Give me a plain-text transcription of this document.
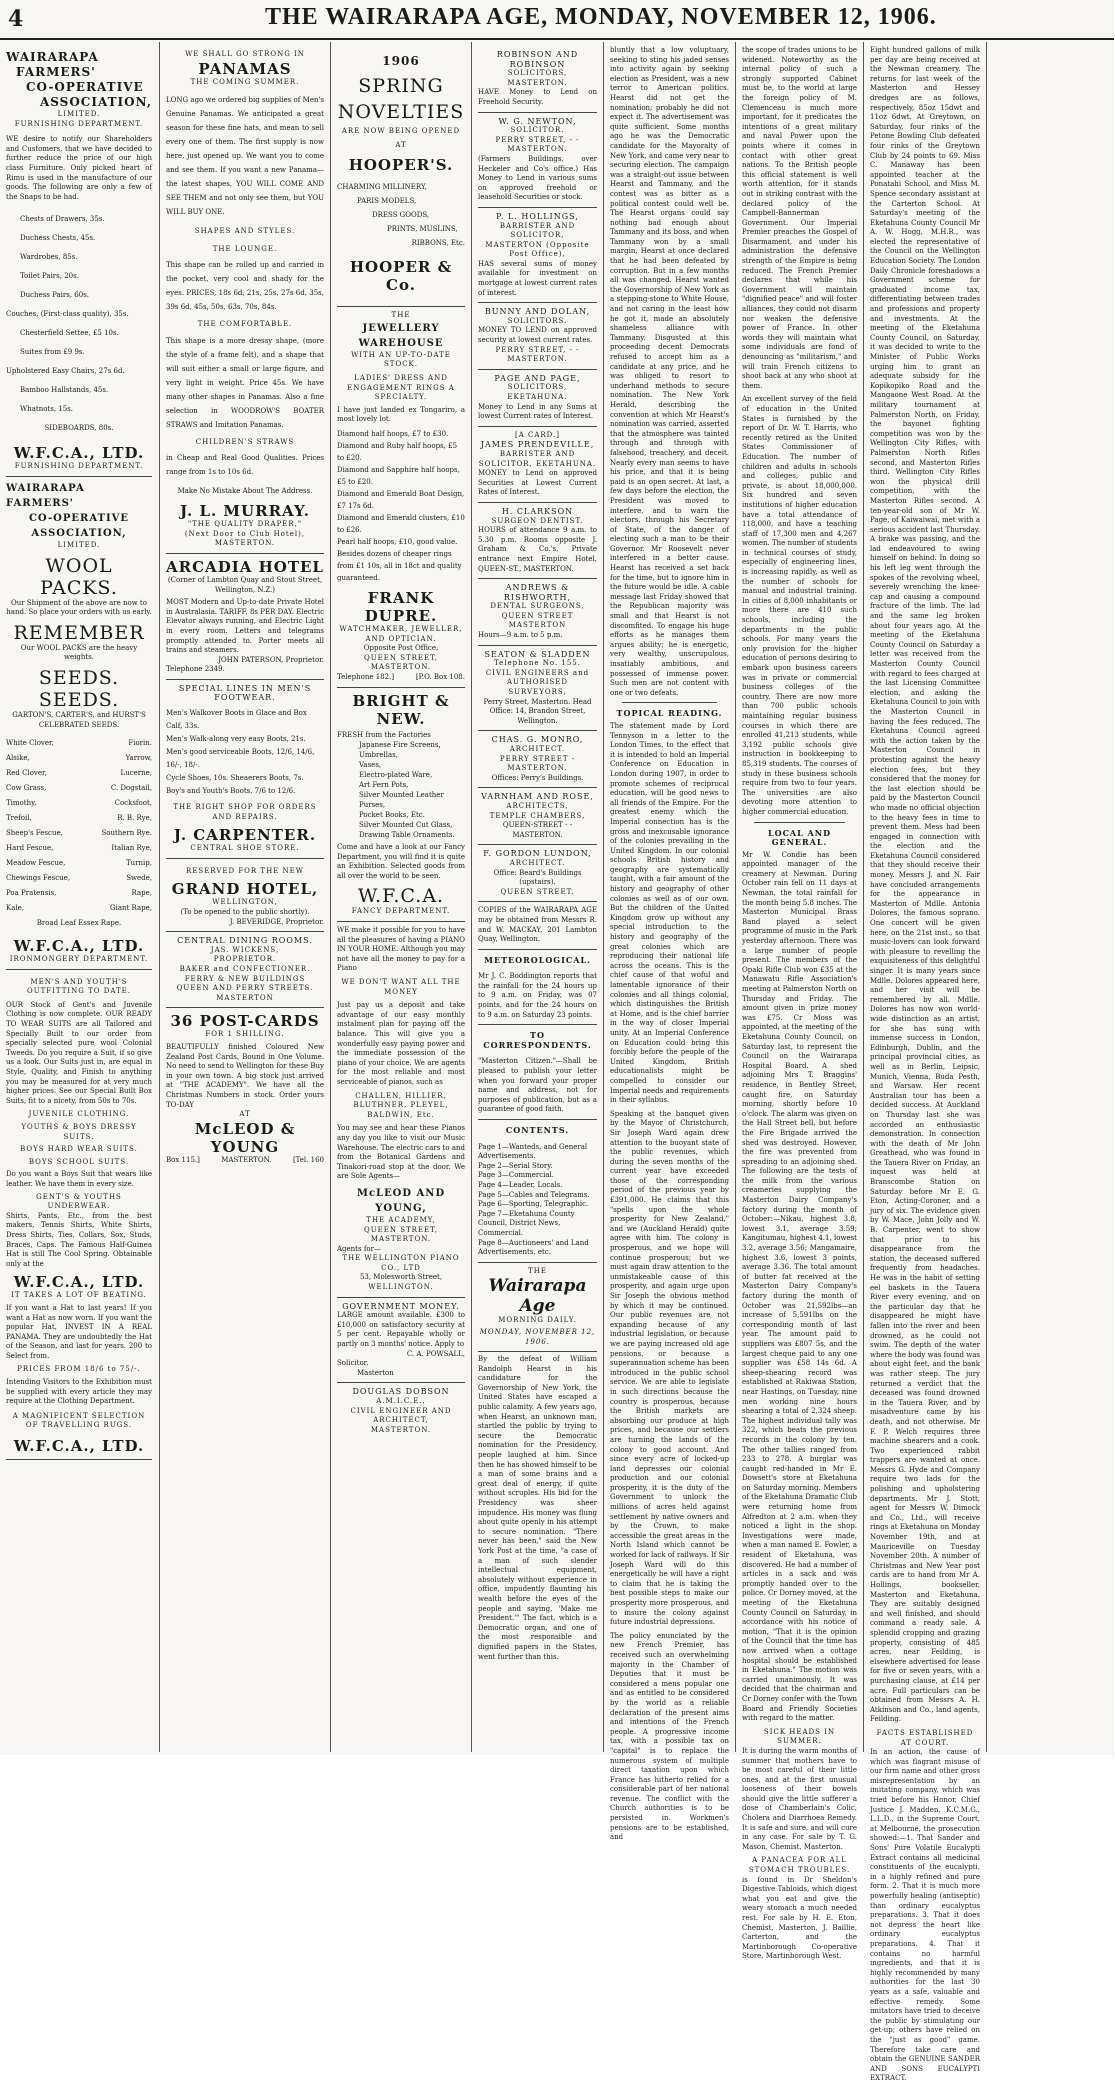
4	THE WAIRARAPA AGE, MONDAY, NOVEMBER 12, 1906.
WAIRARAPA
FARMERS'
CO-OPERATIVE
ASSOCIATION,
LIMITED.
FURNISHING DEPARTMENT.
WE desire to notify our Shareholders and Customers, that we have decided to further reduce the price of our high class Furniture. Only picked heart of Rimu is used in the manufacture of our goods. The following are only a few of the Snaps to be had.
Chests of Drawers, 35s.
Duchess Chests, 45s.
Wardrobes, 85s.
Toilet Pairs, 20s.
Duchess Pairs, 60s.
Couches, (First-class quality), 35s.
Chesterfield Settee, £5 10s.
Suites from £9 9s.
Upholstered Easy Chairs, 27s 6d.
Bamboo Hallstands, 45s.
Whatnots, 15s.
SIDEBOARDS, 80s.
W.F.C.A., LTD.
FURNISHING DEPARTMENT.
WAIRARAPA FARMERS'
CO-OPERATIVE ASSOCIATION,
LIMITED.
WOOL PACKS.
Our Shipment of the above are now to hand. So place your orders with us early.
REMEMBER
Our WOOL PACKS are the heavy weights.
SEEDS. SEEDS.
GARTON'S, CARTER'S, and HURST'S CELEBRATED SEEDS.
White Clover,	Fiorin.
Alsike,	Yarrow,
Red Clover,	Lucerne,
Cow Grass,	C. Dogstail,
Timothy,	Cocksfoot,
Trefoil,	R. B. Rye,
Sheep's Fescue,	Southern Rye.
Hard Fescue,	Italian Rye,
Meadow Fescue,	Turnip,
Chewings Fescue,	Swede,
Poa Pratensis,	Rape,
Kale,	Giant Rape,
Broad Leaf Essex Rape.
W.F.C.A., LTD.
IRONMONGERY DEPARTMENT.
MEN'S AND YOUTH'S OUTFITTING TO DATE.
OUR Stock of Gent's and Juvenile Clothing is now complete. OUR READY TO WEAR SUITS are all Tailored and Specially Built to our order from specially selected pure wool Colonial Tweeds. Do you require a Suit, if so give us a look. Our Suits just in, are equal in Style, Quality, and Finish to anything you may be measured for at very much higher prices. See our Special Built Box Suits, fit to a nicety, from 50s to 70s.
JUVENILE CLOTHING.
YOUTHS & BOYS DRESSY SUITS.
BOYS HARD WEAR SUITS.
BOYS SCHOOL SUITS.
Do you want a Boys Suit that wears like leather. We have them in every size.
GENT'S & YOUTHS UNDERWEAR.
Shirts, Pants, Etc., from the best makers, Tennis Shirts, White Shirts, Dress Shirts, Ties, Collars, Sox, Studs, Braces, Caps. The Famous Half-Guinea Hat is still The Cool Spring. Obtainable only at the
W.F.C.A., LTD.
IT TAKES A LOT OF BEATING.
If you want a Hat to last years! If you want a Hat as now worn. If you want the popular Hat, INVEST IN A REAL PANAMA. They are undoubtedly the Hat of the Season, and last for years. 200 to Select from.
PRICES FROM 18/6 to 75/-.
Intending Visitors to the Exhibition must be supplied with every article they may require at the Clothing Department.
A MAGNIFICENT SELECTION OF TRAVELLING RUGS.
W.F.C.A., LTD.
WE SHALL GO STRONG IN
PANAMAS
THE COMING SUMMER.
LONG ago we ordered big supplies of Men's Genuine Panamas. We anticipated a great season for these fine hats, and mean to sell every one of them. The first supply is now here, just opened up. We want you to come and see them. If you want a new Panama—the latest shapes, YOU WILL COME AND SEE THEM and not only see them, but YOU WILL BUY ONE.
SHAPES AND STYLES.
THE LOUNGE.
This shape can be rolled up and carried in the pocket, very cool and shady for the eyes. PRICES, 18s 6d, 21s, 25s, 27s 6d, 35s, 39s 6d, 45s, 50s, 63s, 70s, 84s.
THE COMFORTABLE.
This shape is a more dressy shape, (more the style of a frame felt), and a shape that will suit either a small or large figure, and very light in weight. Price 45s. We have many other shapes in Panamas. Also a fine selection in WOODROW'S BOATER STRAWS and Imitation Panamas.
CHILDREN'S STRAWS
in Cheap and Real Good Qualities. Prices range from 1s to 10s 6d.
Make No Mistake About The Address.
J. L. MURRAY.
"THE QUALITY DRAPER,"
(Next Door to Club Hotel),
MASTERTON.
ARCADIA HOTEL
(Corner of Lambton Quay and Stout Street, Wellington, N.Z.)
MOST Modern and Up-to-date Private Hotel in Australasia. TARIFF, 8s PER DAY. Electric Elevator always running, and Electric Light in every room. Letters and telegrams promptly attended to. Porter meets all trains and steamers.
JOHN PATERSON, Proprietor.
Telephone 2349.
SPECIAL LINES IN MEN'S FOOTWEAR.
Men's Walkover Boots in Glace and Box Calf, 33s.
Men's Walk-along very easy Boots, 21s.
Men's good serviceable Boots, 12/6, 14/6, 16/-, 18/-.
Cycle Shoes, 10s. Sheaerers Boots, 7s.
Boy's and Youth's Boots, 7/6 to 12/6.
THE RIGHT SHOP FOR ORDERS AND REPAIRS.
J. CARPENTER.
CENTRAL SHOE STORE.
RESERVED FOR THE NEW
GRAND HOTEL,
WELLINGTON,
(To be opened to the public shortly).
J. BEVERIDGE, Proprietor.
CENTRAL DINING ROOMS.
JAS. WICKENS,
PROPRIETOR.
BAKER and CONFECTIONER.
FERRY & NEW BUILDINGS
QUEEN AND PERRY STREETS.
MASTERTON
36 POST-CARDS
FOR 1 SHILLING.
BEAUTIFULLY finished Coloured New Zealand Post Cards, Bound in One Volume. No need to send to Wellington for these Buy in your own town. A big stock just arrived at "THE ACADEMY". We have all the Christmas Numbers in stock. Order yours TO-DAY
AT
McLEOD & YOUNG
Box 115.]	MASTERTON.	[Tel. 160
1906
SPRING
NOVELTIES
ARE NOW BEING OPENED
AT
HOOPER'S.
CHARMING MILLINERY,
PARIS MODELS,
DRESS GOODS,
PRINTS, MUSLINS,
RIBBONS, Etc.
HOOPER & Co.
THE
JEWELLERY WAREHOUSE
WITH AN UP-TO-DATE STOCK.
LADIES' DRESS AND ENGAGEMENT RINGS A SPECIALTY.
I have just landed ex Tongariro, a most lovely lot.
Diamond half hoops, £7 to £30.
Diamond and Ruby half hoops, £5 to £20.
Diamond and Sapphire half hoops, £5 to £20.
Diamond and Emerald Boat Design, £7 17s 6d.
Diamond and Emerald clusters, £10 to £26.
Pearl half hoops, £10, good value.
Besides dozens of cheaper rings from £1 10s, all in 18ct and quality guaranteed.
FRANK DUPRE.
WATCHMAKER, JEWELLER, AND OPTICIAN.
Opposite Post Office,
QUEEN STREET, MASTERTON.
Telephone 182.]	[P.O. Box 108.
BRIGHT & NEW.
FRESH from the Factories
Japanese Fire Screens,
Umbrellas,
Vases,
Electro-plated Ware,
Art Fern Pots,
Silver Mounted Leather Purses,
Pocket Books, Etc.
Silver Mounted Cut Glass,
Drawing Table Ornaments.
Come and have a look at our Fancy Department, you will find it is quite an Exhibition. Selected goods from all over the world to be seen.
W.F.C.A.
FANCY DEPARTMENT.
WE make it possible for you to have all the pleasures of having a PIANO IN YOUR HOME. Although you may not have all the money to pay for a Piano
WE DON'T WANT ALL THE MONEY
Just pay us a deposit and take advantage of our easy monthly instalment plan for paying off the balance. This will give you a wonderfully easy paying power and the immediate possession of the piano of your choice. We are agents for the most reliable and most serviceable of pianos, such as
CHALLEN, HILLIER, BLUTHNER, PLEYEL, BALDWIN, Etc.
You may see and hear these Pianos any day you like to visit our Music Warehouse. The electric cars to and from the Botanical Gardens and Tinakori-road stop at the door. We are Sole Agents—
McLEOD AND YOUNG,
THE ACADEMY,
QUEEN STREET, MASTERTON.
Agents for—
THE WELLINGTON PIANO CO., LTD
53, Molesworth Street,
WELLINGTON.
GOVERNMENT MONEY.
LARGE amount available. £300 to £10,000 on satisfactory security at 5 per cent. Repayable wholly or partly on 3 months' notice. Apply to
C. A. POWSALL,
Solicitor,
Masterton
DOUGLAS DOBSON
A.M.I.C.E.,
CIVIL ENGINEER AND ARCHITECT,
MASTERTON.
ROBINSON AND ROBINSON
SOLICITORS,
MASTERTON.
HAVE Money to Lend on Freehold Security.
W. G. NEWTON,
SOLICITOR.
PERRY STREET, - - MASTERTON.
(Farmers Buildings, over Heckeler and Co's office.) Has Money to Lend in various sums on approved freehold or leasehold Securities or stock.
P. L. HOLLINGS,
BARRISTER AND SOLICITOR,
MASTERTON (Opposite Post Office),
HAS several sums of money available for investment on mortgage at lowest current rates of interest.
BUNNY AND DOLAN,
SOLICITORS.
MONEY TO LEND on approved security at lowest current rates.
PERRY STREET, - - MASTERTON.
PAGE AND PAGE,
SOLICITORS, EKETAHUNA.
Money to Lend in any Sums at lowest Current rates of Interest.
[A CARD.]
JAMES PRENDEVILLE,
BARRISTER AND SOLICITOR, EKETAHUNA.
MONEY to Lend on approved Securities at Lowest Current Rates of Interest.
H. CLARKSON
SURGEON DENTIST.
HOURS of attendance 9 a.m. to 5.30 p.m. Rooms opposite J. Graham & Co.'s, Private entrance next Empire Hotel, QUEEN-ST., MASTERTON.
ANDREWS & RISHWORTH,
DENTAL SURGEONS,
QUEEN STREET MASTERTON
Hours—9 a.m. to 5 p.m.
SEATON & SLADDEN
Telephone No. 155.
CIVIL ENGINEERS and AUTHORISED SURVEYORS,
Perry Street, Masterton. Head Office: 14, Brandon Street, Wellington.
CHAS. G. MONRO,
ARCHITECT.
PERRY STREET - MASTERTON.
Offices: Perry's Buildings.
VARNHAM AND ROSE,
ARCHITECTS,
TEMPLE CHAMBERS,
QUEEN-STREET - - MASTERTON.
F. GORDON LUNDON,
ARCHITECT.
Office: Beard's Buildings (upstairs).
QUEEN STREET.
COPIES of the WAIRARAPA AGE may be obtained from Messrs R. and W. MACKAY, 201 Lambton Quay, Wellington.
METEOROLOGICAL.
Mr J. C. Boddington reports that the rainfall for the 24 hours up to 9 a.m. on Friday, was 07 points, and for the 24 hours on to 9 a.m. on Saturday 23 points.
TO CORRESPONDENTS.
"Masterton Citizen."—Shall be pleased to publish your letter when you forward your proper name and address, not for purposes of publication, but as a guarantee of good faith.
CONTENTS.
Page 1—Wanteds, and General Advertisements.
Page 2—Serial Story.
Page 3—Commercial.
Page 4—Leader, Locals.
Page 5—Cables and Telegrams.
Page 6—Sporting, Telegraphic.
Page 7—Eketahuna County Council, District News, Commercial.
Page 8—Auctioneers' and Land Advertisements, etc.
THE
Wairarapa Age
MORNING DAILY.
MONDAY, NOVEMBER 12, 1906.
By the defeat of William Randolph Hearst in his candidature for the Governorship of New York, the United States have escaped a public calamity. A few years ago, when Hearst, an unknown man, startled the public by trying to secure the Democratic nomination for the Presidency, people laughed at him. Since then he has showed himself to be a man of some brains and a great deal of energy, if quite without scruples. His bid for the Presidency was sheer impudence. His money was flung about quite openly in his attempt to secure nomination. "There never has been," said the New York Post at the time, "a case of a man of such slender intellectual equipment, absolutely without experience in office, impudently flaunting his wealth before the eyes of the people and saying, 'Make me President.'" The fact, which is a Democratic organ, and one of the most responsible and dignified papers in the States, went further than this.
bluntly that a low voluptuary, seeking to sting his jaded senses into activity again by seeking election as President, was a new terror to American politics. Hearst did not get the nomination; probably he did not expect it. The advertisement was quite sufficient. Some months ago he was the Democratic candidate for the Mayoralty of New York, and came very near to securing election. The campaign was a straight-out issue between Hearst and Tammany, and the contest was as bitter as a political contest could well be. The Hearst organs could say nothing bad enough about Tammany and its boss, and when Tammany won by a small margin, Hearst at once declared that he had been defeated by corruption. But in a few months all was changed. Hearst wanted the Governorship of New York as a stepping-stone to White House, and not caring in the least how he got it, made an absolutely shameless alliance with Tammany. Disgusted at this proceeding decent Democrats refused to accept him as a candidate at any price, and he was obliged to resort to underhand methods to secure nomination. The New York Herald, describing the convention at which Mr Hearst's nomination was carried, asserted that the atmosphere was tainted through and through with falsehood, treachery, and deceit. Nearly every man seems to have his price, and that it is being paid is an open secret. At last, a few days before the election, the President was moved to interfere, and to warn the electors, through his Secretary of State, of the danger of electing such a man to be their Governor. Mr Roosevelt never interfered in a better cause. Hearst has received a set back for the time, but to ignore him in the future would be idle. A cable message last Friday showed that the Republican majority was small and that Hearst is not discomfited. To engage his huge efforts as he manages them argues ability; he is energetic, very wealthy, unscrupulous, insatiably ambitious, and possessed of immense power. Such men are not content with one or two defeats.
TOPICAL READING.
The statement made by Lord Tennyson in a letter to the London Times, to the effect that it is intended to hold an Imperial Conference on Education in London during 1907, in order to promote schemes of reciprocal education, will be good news to all friends of the Empire. For the greatest enemy which the Imperial connection has is the gross and inexcusable ignorance of the colonies prevailing in the United Kingdom. In our colonial schools British history and geography are systematically taught, with a fair amount of the history and geography of other colonies as well as of our own. But the children of the United Kingdom grow up without any special introduction to the history and geography of the great colonies which are reproducing their national life across the oceans. This is the chief cause of that woful and lamentable ignorance of their colonies and all things colonial, which distinguishes the British at Home, and is the chief barrier in the way of closer Imperial unity. At an Imperial Conference on Education could bring this forcibly before the people of the United Kingdom, British educationalists might be compelled to consider our Imperial needs and requirements in their syllabus.
Speaking at the banquet given by the Mayor of Christchurch, Sir Joseph Ward again drew attention to the buoyant state of the public revenues, which during the seven months of the current year have exceeded those of the corresponding period of the previous year by £391,000. He claims that this "spells upon the whole prosperity for New Zealand," and we (Auckland Herald) quite agree with him. The colony is prosperous, and we hope will continue prosperous; but we must again draw attention to the unmistakeable cause of this prosperity, and again urge upon Sir Joseph the obvious method by which it may be continued. Our public revenues are not expanding because of any industrial legislation, or because we are paying increased old age pensions, or because a superannuation scheme has been introduced in the public school service. We are able to legislate in such directions because the country is prosperous, because the British markets are absorbing our produce at high prices, and because our settlers are turning the lands of the colony to good account. And since every acre of locked-up land depresses our colonial production and our colonial prosperity, it is the duty of the Government to unlock the millions of acres held against settlement by native owners and by the Crown, to make accessible the great areas in the North Island which cannot be worked for lack of railways. If Sir Joseph Ward will do this energetically he will have a right to claim that he is taking the best possible steps to make our prosperity more prosperous, and to insure the colony against future industrial depressions.
The policy enunciated by the new French Premier, has received such an overwhelming majority in the Chamber of Deputies that it must be considered a mens popular one and as entitled to be considered by the world as a reliable declaration of the present aims and intentions of the French people. A progressive income tax, with a possible tax on "capital" is to replace the numerous system of multiple direct taxation upon which France has hitherto relied for a considerable part of her national revenue. The conflict with the Church authorities is to be persisted in. Workmen's pensions are to be established, and
the scope of trades unions to be widened. Noteworthy as the internal policy of such a strongly supported Cabinet must be, to the world at large the foreign policy of M. Clemenceau is much more important, for it predicates the intentions of a great military and naval Power upon the points where it comes in contact with other great nations. To the British people this official statement is well worth attention, for it stands out in striking contrast with the declared policy of the Campbell-Bannerman Government. Our Imperial Premier preaches the Gospel of Disarmament, and under his administration the defensive strength of the Empire is being reduced. The French Premier declares that while his Government will maintain "dignified peace" and will foster alliances, they could not disarm nor weaken the defensive power of France. In other words they will maintain what some individuals are fond of denouncing as "militarism," and will train French citizens to shoot back at any who shoot at them.
An excellent survey of the field of education in the United States is furnished by the report of Dr. W. T. Harris, who recently retired as the United States Commissioner of Education. The number of children and adults in schools and colleges, public and private, is about 18,000,000. Six hundred and seven institutions of higher education have a total attendance of 118,000, and have a teaching staff of 17,300 men and 4,267 women. The number of students in technical courses of study, especially of engineering lines, is increasing rapidly, as well as the number of schools for manual and industrial training. In cities of 8,000 inhabitants or more there are 410 such schools, including the departments in the public schools. For many years the only provision for the higher education of persons desiring to embark upon business careers was in private or commercial business colleges of the country. There are now more than 700 public schools maintaining regular business courses in which there are enrolled 41,213 students, while 3,192 public schools give instruction in bookkeeping to 85,319 students. The courses of study in these business schools require from two to four years. The universities are also devoting more attention to higher commercial education.
LOCAL AND GENERAL.
Mr W. Condie has been appointed manager of the creamery at Newman. During October rain fell on 11 days at Newman, the total rainfall for the month being 5.8 inches. The Masterton Municipal Brass Band played a select programme of music in the Park yesterday afternoon. There was a large number of people present. The members of the Opaki Rifle Club won £35 at the Manawatu Rifle Association's meeting at Palmerston North on Thursday and Friday. The amount given in prize money was £75. Cr Moss was appointed, at the meeting of the Eketahuna County Council, on Saturday last, to represent the Council on the Wairarapa Hospital Board. A shed adjoining Mrs T. Braggins' residence, in Bentley Street, caught fire, on Saturday morning, shortly before 10 o'clock. The alarm was given on the Hall Street bell, but before the Fire Brigade arrived the shed was destroyed. However, the fire was prevented from spreading to an adjoining shed. The following are the tests of the milk from the various creameries supplying the Masterton Dairy Company's factory during the month of October:—Nikau, highest 3.8, lowest 3.1, average 3.59; Kangitumau, highest 4.1, lowest 3.2, average 3.56; Mangamaire, highest 3.6, lowest 3 points, average 3.36. The total amount of butter fat received at the Masterton Dairy Company's factory during the month of October was 21,592lbs—an increase of 5,591lbs on the corresponding month of last year. The amount paid to suppliers was £807 5s, and the largest cheque paid to any one supplier was £58 14s 6d. A sheep-shearing record was established at Rakiwaa Station, near Hastings, on Tuesday, nine men working nine hours shearing a total of 2,324 sheep. The highest individual tally was 322, which beats the previous records in the colony by ten. The other tallies ranged from 233 to 278. A burglar was caught red-handed in Mr E. Dowsett's store at Eketahuna on Saturday morning. Members of the Eketahuna Dramatic Club were returning home from Alfredton at 2 a.m. when they noticed a light in the shop. Investigations were made, when a man named E. Fowler, a resident of Eketahuna, was discovered. He had a number of articles in a sack and was promptly handed over to the police. Cr Dorney moved, at the meeting of the Eketahuna County Council on Saturday, in accordance with his notice of motion, "That it is the opinion of the Council that the time has now arrived when a cottage hospital should be established in Eketahuna." The motion was carried unanimously. It was decided that the chairman and Cr Dorney confer with the Town Board and Friendly Societies with regard to the matter.
SICK HEADS IN SUMMER.
It is during the warm months of summer that mothers have to be most careful of their little ones, and at the first unusual looseness of their bowels should give the little sufferer a dose of Chamberlain's Colic, Cholera and Diarrhoea Remedy. It is safe and sure, and will cure in any case. For sale by T. G. Mason, Chemist, Masterton.
A PANACEA FOR ALL STOMACH TROUBLES.
is found in Dr Sheldon's Digestive Tabloids, which digest what you eat and give the weary stomach a much needed rest. For sale by H. E. Eton, Chemist, Masterton, J. Baillie, Carterton, and the Martinborough Co-operative Store, Martinborough West.
Eight hundred gallons of milk per day are being received at the Newman creamery. The returns for last week of the Masterton and Hessey dredges are as follows, respectively, 85oz 15dwt and 11oz 6dwt. At Greytown, on Saturday, four rinks of the Petone Bowling Club defeated four rinks of the Greytown Club by 24 points to 69. Miss C. Manaway has been appointed teacher at the Ponatahi School, and Miss M. Spence secondary assistant at the Carterton School. At Saturday's meeting of the Eketahuna County Council Mr A. W. Hogg, M.H.R., was elected the representative of the Council on the Wellington Education Society. The London Daily Chronicle foreshadows a Government scheme for graduated income tax, differentiating between trades and professions and property and investments. At the meeting of the Eketahuna County Council, on Saturday, it was decided to write to the Minister of Public Works urging him to grant an adequate subsidy for the Kopikopiko Road and the Mangaone West Road. At the military tournament at Palmerston North, on Friday, the bayonet fighting competition was won by the Wellington City Rifles, with Palmerston North Rifles second, and Masterton Rifles third. Wellington City Rifles won the physical drill competition, with the Masterton Rifles second. A ten-year-old son of Mr W. Page, of Kaiwaiwai, met with a serious accident last Thursday. A brake was passing, and the lad endeavoured to swing himself on behind. In doing so his left leg went through the spokes of the revolving wheel, severely wrenching the knee-cap and causing a compound fracture of the limb. The lad and the same leg broken about four years ago. At the meeting of the Eketahuna County Council on Saturday a letter was received from the Masterton County Council with regard to fees charged at the last Licensing Committee election, and asking the Eketahuna Council to join with the Masterton Council in having the fees reduced. The Eketahuna Council agreed with the action taken by the Masterton Council in protesting against the heavy election fees, but they considered that the money for the last election should be paid by the Masterton Council who made no official objection to the heavy fees in time to prevent them. Mess had been engaged in connection with the election and the Eketahuna Council considered that they should receive their money. Messrs J. and N. Fair have concluded arrangements for the appearance in Masterton of Mdlle. Antonia Dolores, the famous soprano. One concert will be given here, on the 21st inst., so that music-lovers can look forward with pleasure to revelling the exquisiteness of this delightful singer. It is many years since Mdlle. Dolores appeared here, and her visit will be remembered by all. Mdlle. Dolores has now won world-wide distinction as an artist, for she has sung with immense success in London, Edinburgh, Dublin, and the principal provincial cities, as well as in Berlin, Leipsic, Munich, Vienna, Buda Pesth, and Warsaw. Her recent Australian tour has been a decided success. At Auckland on Thursday last she was accorded an enthusiastic demonstration. In connection with the death of Mr John Greathead, who was found in the Tauera River on Friday, an inquest was held at Branscombe Station on Saturday before Mr E. G. Eton, Acting-Coroner, and a jury of six. The evidence given by W. Mace, John Jolly and W. B. Carpenter, went to show that prior to his disappearance from the station, the deceased suffered frequently from headaches. He was in the habit of setting eel baskets in the Tauera River every evening, and on the particular day that he disappeared he might have fallen into the river and been drowned, as he could not swim. The depth of the water where the body was found was about eight feet, and the bank was rather steep. The jury returned a verdict that the deceased was found drowned in the Tauera River, and by misadventure came by his death, and not otherwise. Mr F. P. Welch requires three machine shearers and a cook. Two experienced rabbit trappers are wanted at once. Messrs G. Hyde and Company require two lads for the polishing and upholstering departments. Mr J. Stott, agent for Messrs W. Dimock and Co., Ltd., will receive rings at Eketahuna on Monday November 19th, and at Mauriceville on Tuesday November 20th. A number of Christmas and New Year post cards are to hand from Mr A. Hollings, bookseller, Masterton and Eketahuna. They are suitably designed and well finished, and should command a ready sale. A splendid cropping and grazing property, consisting of 485 acres, near Feilding, is elsewhere advertised for lease for five or seven years, with a purchasing clause, at £14 per acre. Full particulars can be obtained from Messrs A. H. Atkinson and Co., land agents, Feilding.
FACTS ESTABLISHED AT COURT.
In an action, the cause of which was flagrant misuse of our firm name and other gross misrepresentation by an imitating company, which was tried before his Honor, Chief Justice J. Madden, K.C.M.G., L.L.D., in the Supreme Court, at Melbourne, the prosecution showed:—1. That Sander and Sons' Pure Volatile Eucalypti Extract contains all medicinal constituents of the eucalypti, in a highly refined and pure form. 2. That it is much more powerfully healing (antiseptic) than ordinary eucalyptus preparations. 3. That it does not depress the heart like ordinary eucalyptus preparations. 4. That it contains no harmful ingredients, and that it is highly recommended by many authorities for the last 30 years as a safe, valuable and effective remedy. Some imitators have tried to deceive the public by stimulating our get-up; others have relied on the "just as good" game. Therefore take care and obtain the GENUINE SANDER AND SONS EUCALYPTI EXTRACT.
